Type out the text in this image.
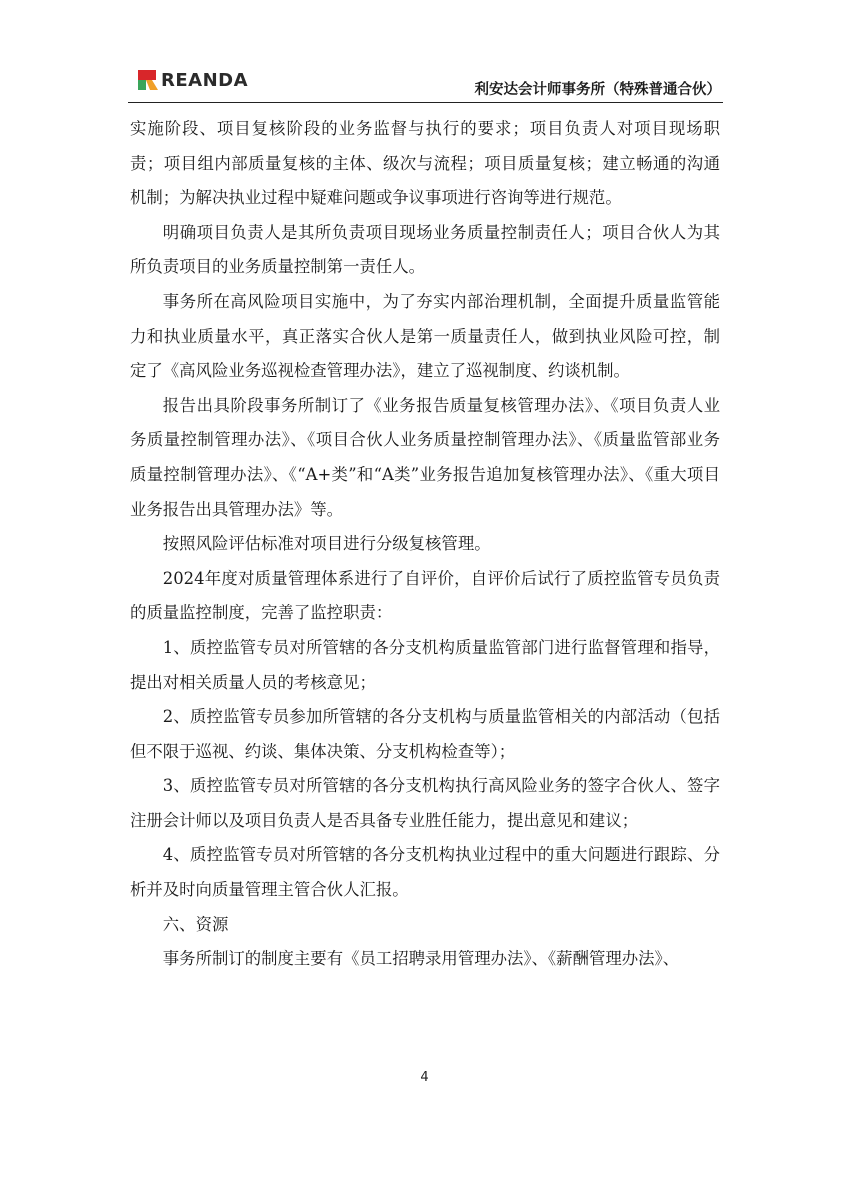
REANDA	利安达会计师事务所（特殊普通合伙）

实施阶段、项目复核阶段的业务监督与执行的要求；项目负责人对项目现场职责；项目组内部质量复核的主体、级次与流程；项目质量复核；建立畅通的沟通机制；为解决执业过程中疑难问题或争议事项进行咨询等进行规范。

明确项目负责人是其所负责项目现场业务质量控制责任人；项目合伙人为其所负责项目的业务质量控制第一责任人。

事务所在高风险项目实施中，为了夯实内部治理机制，全面提升质量监管能力和执业质量水平，真正落实合伙人是第一质量责任人，做到执业风险可控，制定了《高风险业务巡视检查管理办法》，建立了巡视制度、约谈机制。

报告出具阶段事务所制订了《业务报告质量复核管理办法》、《项目负责人业务质量控制管理办法》、《项目合伙人业务质量控制管理办法》、《质量监管部业务质量控制管理办法》、《“A+类”和“A类”业务报告追加复核管理办法》、《重大项目业务报告出具管理办法》等。

按照风险评估标准对项目进行分级复核管理。

2024年度对质量管理体系进行了自评价，自评价后试行了质控监管专员负责的质量监控制度，完善了监控职责：

1、质控监管专员对所管辖的各分支机构质量监管部门进行监督管理和指导，提出对相关质量人员的考核意见；

2、质控监管专员参加所管辖的各分支机构与质量监管相关的内部活动（包括但不限于巡视、约谈、集体决策、分支机构检查等）；

3、质控监管专员对所管辖的各分支机构执行高风险业务的签字合伙人、签字注册会计师以及项目负责人是否具备专业胜任能力，提出意见和建议；

4、质控监管专员对所管辖的各分支机构执业过程中的重大问题进行跟踪、分析并及时向质量管理主管合伙人汇报。

六、资源

事务所制订的制度主要有《员工招聘录用管理办法》、《薪酬管理办法》、

4
